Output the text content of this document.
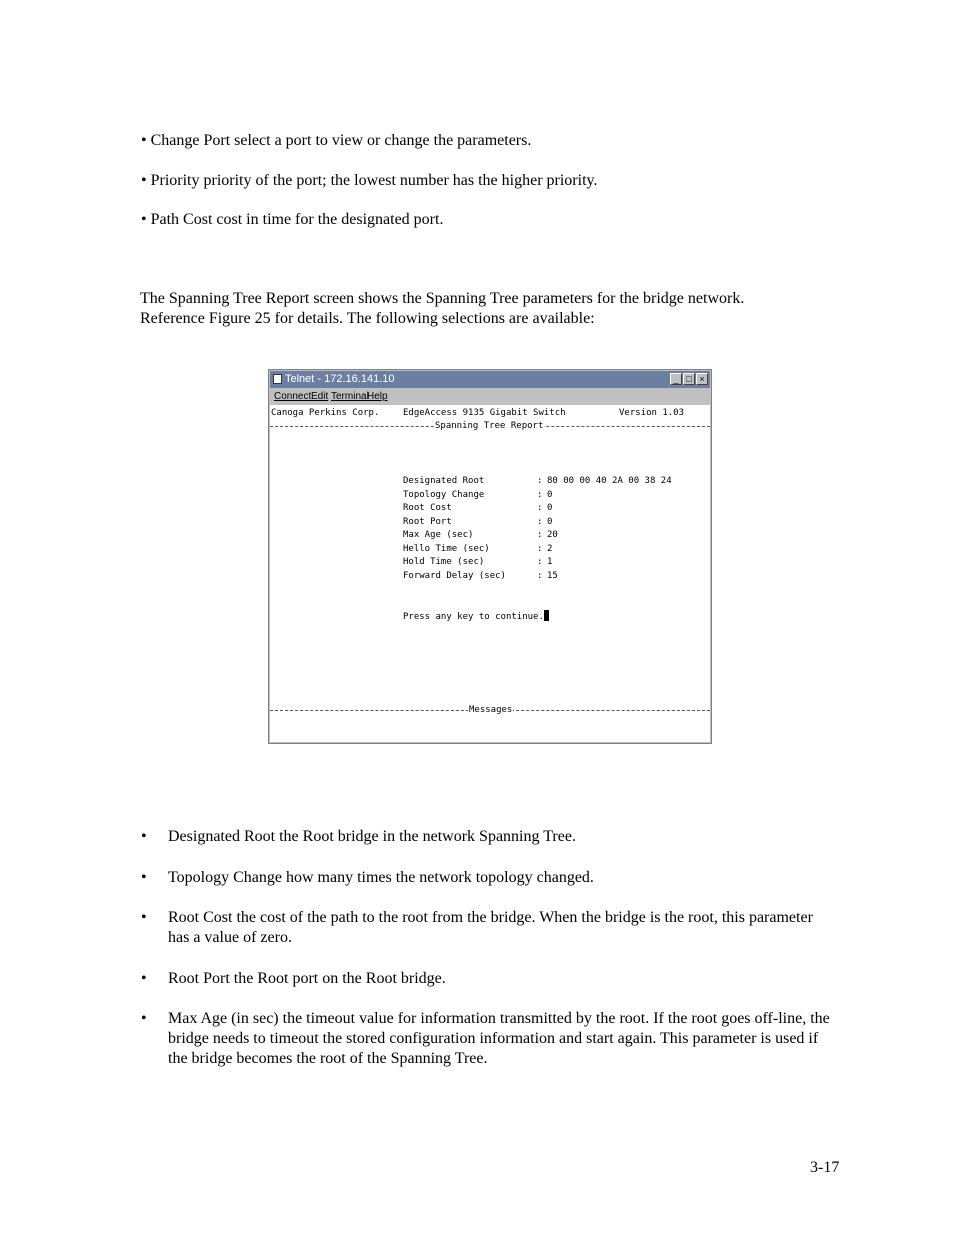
• Change Port select a port to view or change the parameters.
• Priority priority of the port; the lowest number has the higher priority.
• Path Cost cost in time for the designated port.
The Spanning Tree Report screen shows the Spanning Tree parameters for the bridge network.
Reference Figure 25 for details. The following selections are available:
Telnet - 172.16.141.10	_ □ ×
Connect Edit Terminal
Help
Canoga Perkins Corp.	EdgeAccess 9135 Gigabit Switch	Version 1.03
Spanning Tree Report
Designated Root	: 80 00 00 40 2A 00 38 24
Topology Change	: 0
Root Cost	: 0
Root Port	: 0
Max Age (sec)	: 20
Hello Time (sec)	: 2
Hold Time (sec)	: 1
Forward Delay (sec)	: 15
Press any key to continue.
Messages
• Designated Root the Root bridge in the network Spanning Tree.
• Topology Change how many times the network topology changed.
• Root Cost the cost of the path to the root from the bridge. When the bridge is the root, this parameter has a value of zero.
• Root Port the Root port on the Root bridge.
• Max Age (in sec) the timeout value for information transmitted by the root. If the root goes off-line, the bridge needs to timeout the stored configuration information and start again. This parameter is used if the bridge becomes the root of the Spanning Tree.
3-17
